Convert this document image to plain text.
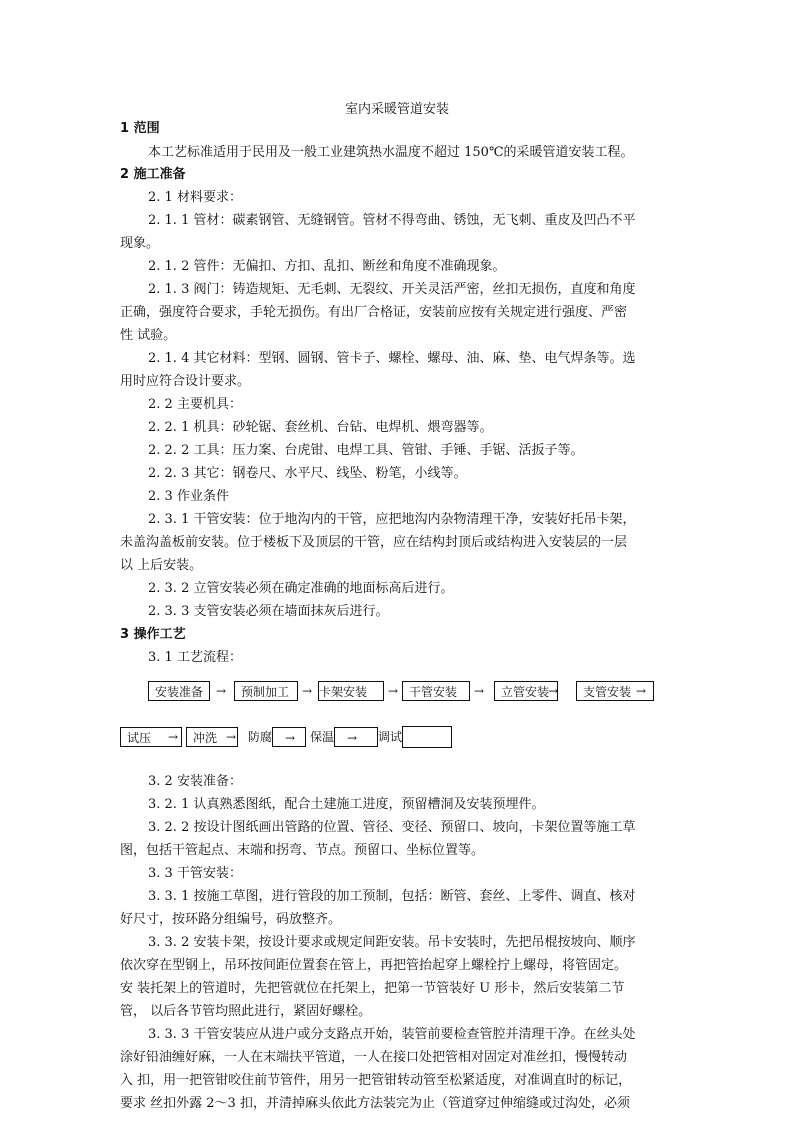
室内采暖管道安装
1 范围
本工艺标准适用于民用及一般工业建筑热水温度不超过 150℃的采暖管道安装工程。
2 施工准备
2. 1 材料要求：
2. 1. 1 管材：碳素钢管、无缝钢管。管材不得弯曲、锈蚀，无飞刺、重皮及凹凸不平
现象。
2. 1. 2 管件：无偏扣、方扣、乱扣、断丝和角度不准确现象。
2. 1. 3 阀门：铸造规矩、无毛刺、无裂纹、开关灵活严密，丝扣无损伤，直度和角度
正确，强度符合要求，手轮无损伤。有出厂合格证，安装前应按有关规定进行强度、严密
性 试验。
2. 1. 4 其它材料：型钢、圆钢、管卡子、螺栓、螺母、油、麻、垫、电气焊条等。选
用时应符合设计要求。
2. 2 主要机具：
2. 2. 1 机具：砂轮锯、套丝机、台钻、电焊机、煨弯器等。
2. 2. 2 工具：压力案、台虎钳、电焊工具、管钳、手锤、手锯、活扳子等。
2. 2. 3 其它：钢卷尺、水平尺、线坠、粉笔，小线等。
2. 3 作业条件
2. 3. 1 干管安装：位于地沟内的干管，应把地沟内杂物清理干净，安装好托吊卡架，
未盖沟盖板前安装。位于楼板下及顶层的干管，应在结构封顶后或结构进入安装层的一层
以 上后安装。
2. 3. 2 立管安装必须在确定准确的地面标高后进行。
2. 3. 3 支管安装必须在墙面抹灰后进行。
3 操作工艺
3. 1 工艺流程：
安装准备	→	预制加工	→ 卡架安装	→ 干管安装	→	立管安装
→	支管安装 →
试压	→	冲洗 → 防腐	→	保温	→	调试
3. 2 安装准备：
3. 2. 1 认真熟悉图纸，配合土建施工进度，预留槽洞及安装预埋件。
3. 2. 2 按设计图纸画出管路的位置、管径、变径、预留口、坡向，卡架位置等施工草
图，包括干管起点、末端和拐弯、节点。预留口、坐标位置等。
3. 3 干管安装：
3. 3. 1 按施工草图，进行管段的加工预制，包括：断管、套丝、上零件、调直、核对
好尺寸，按环路分组编号，码放整齐。
3. 3. 2 安装卡架，按设计要求或规定间距安装。吊卡安装时，先把吊棍按坡向、顺序
依次穿在型钢上，吊环按间距位置套在管上，再把管抬起穿上螺栓拧上螺母，将管固定。
安 装托架上的管道时，先把管就位在托架上，把第一节管装好 U 形卡，然后安装第二节
管， 以后各节管均照此进行，紧固好螺栓。
3. 3. 3 干管安装应从进户或分支路点开始，装管前要检查管腔并清理干净。在丝头处
涂好铅油缠好麻，一人在末端扶平管道，一人在接口处把管相对固定对准丝扣，慢慢转动
入 扣，用一把管钳咬住前节管件，用另一把管钳转动管至松紧适度，对准调直时的标记，
要求 丝扣外露 2～3 扣，并清掉麻头依此方法装完为止（管道穿过伸缩缝或过沟处，必须
